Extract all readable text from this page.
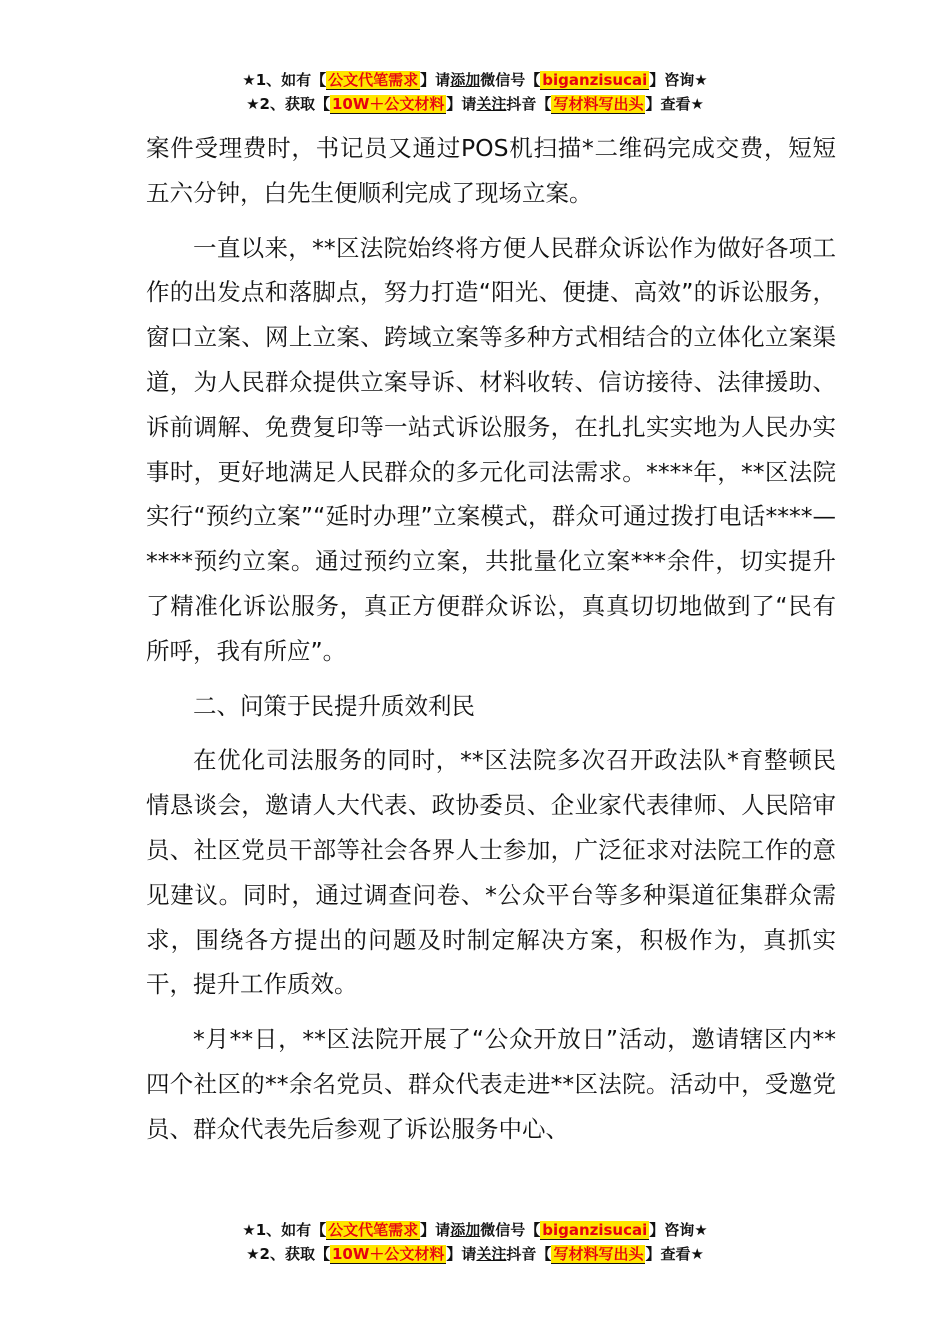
★1、如有【 公文代笔需求 】请添加微信号【 biganzisucai 】咨询★
★2、获取【 10W＋公文材料 】请关注抖音【 写材料写出头 】查看★

案件受理费时，书记员又通过POS机扫描*二维码完成交费，短短五六分钟，白先生便顺利完成了现场立案。

一直以来，**区法院始终将方便人民群众诉讼作为做好各项工作的出发点和落脚点，努力打造“阳光、便捷、高效”的诉讼服务，窗口立案、网上立案、跨域立案等多种方式相结合的立体化立案渠道，为人民群众提供立案导诉、材料收转、信访接待、法律援助、诉前调解、免费复印等一站式诉讼服务，在扎扎实实地为人民办实事时，更好地满足人民群众的多元化司法需求。****年，**区法院实行“预约立案”“延时办理”立案模式，群众可通过拨打电话****—****预约立案。通过预约立案，共批量化立案***余件，切实提升了精准化诉讼服务，真正方便群众诉讼，真真切切地做到了“民有所呼，我有所应”。

二、问策于民提升质效利民

在优化司法服务的同时，**区法院多次召开政法队*育整顿民情恳谈会，邀请人大代表、政协委员、企业家代表律师、人民陪审员、社区党员干部等社会各界人士参加，广泛征求对法院工作的意见建议。同时，通过调查问卷、*公众平台等多种渠道征集群众需求，围绕各方提出的问题及时制定解决方案，积极作为，真抓实干，提升工作质效。

*月**日，**区法院开展了“公众开放日”活动，邀请辖区内**四个社区的**余名党员、群众代表走进**区法院。活动中，受邀党员、群众代表先后参观了诉讼服务中心、

★1、如有【 公文代笔需求 】请添加微信号【 biganzisucai 】咨询★
★2、获取【 10W＋公文材料 】请关注抖音【 写材料写出头 】查看★
